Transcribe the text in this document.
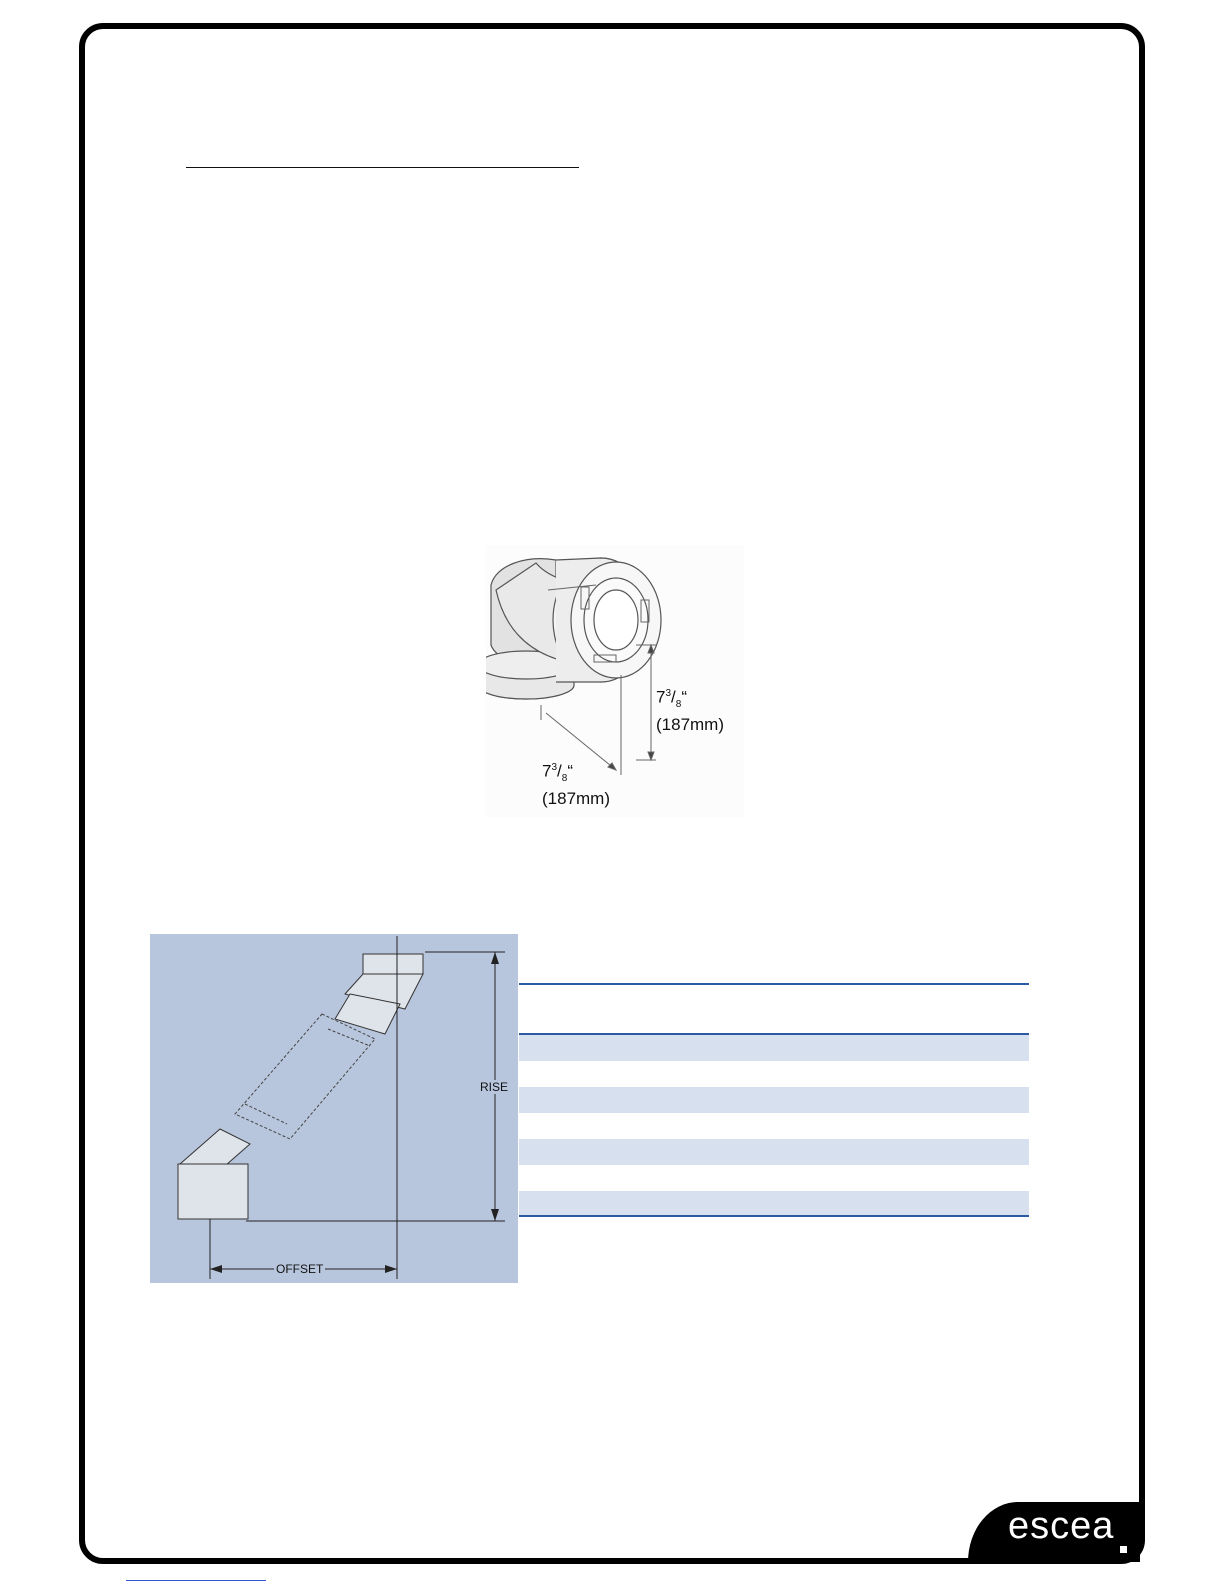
$7^3/_8“$
(187mm)
$7^3/_8“$
(187mm)
RISE
OFFSET
escea
